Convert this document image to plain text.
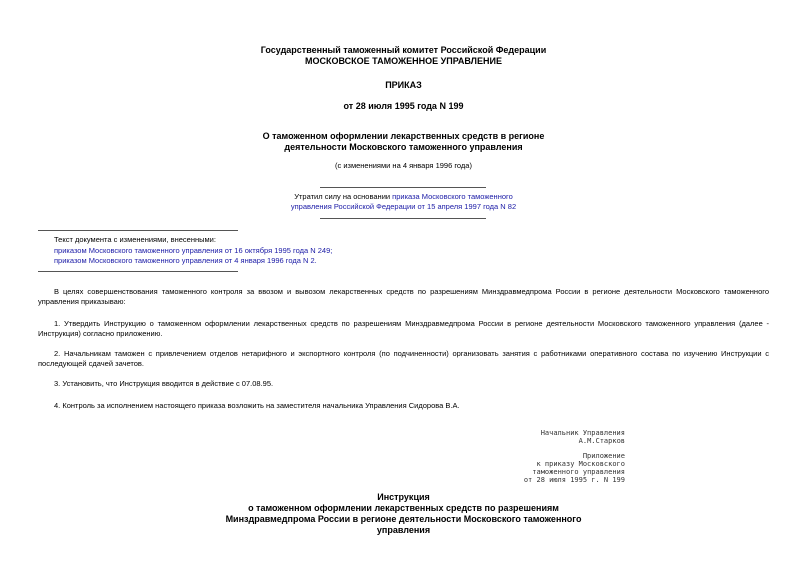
Государственный таможенный комитет Российской Федерации
МОСКОВСКОЕ ТАМОЖЕННОЕ УПРАВЛЕНИЕ
ПРИКАЗ
от 28 июля 1995 года N 199
О таможенном оформлении лекарственных средств в регионе
деятельности Московского таможенного управления
(с изменениями на 4 января 1996 года)
Утратил силу на основании приказа Московского таможенного
управления Российской Федерации от 15 апреля 1997 года N 82
Текст документа с изменениями, внесенными:
приказом Московского таможенного управления от 16 октября 1995 года N 249;
приказом Московского таможенного управления от 4 января 1996 года N 2.
В целях совершенствования таможенного контроля за ввозом и вывозом лекарственных средств по разрешениям Минздравмедпрома России в регионе деятельности Московского таможенного управления приказываю:
1. Утвердить Инструкцию о таможенном оформлении лекарственных средств по разрешениям Минздравмедпрома России в регионе деятельности Московского таможенного управления (далее - Инструкция) согласно приложению.
2. Начальникам таможен с привлечением отделов нетарифного и экспортного контроля (по подчиненности) организовать занятия с работниками оперативного состава по изучению Инструкции с последующей сдачей зачетов.
3. Установить, что Инструкция вводится в действие с 07.08.95.
4. Контроль за исполнением настоящего приказа возложить на заместителя начальника Управления Сидорова В.А.
Начальник Управления
А.М.Старков
Приложение
к приказу Московского
таможенного управления
от 28 июля 1995 г. N 199
Инструкция
о таможенном оформлении лекарственных средств по разрешениям
Минздравмедпрома России в регионе деятельности Московского таможенного
управления
